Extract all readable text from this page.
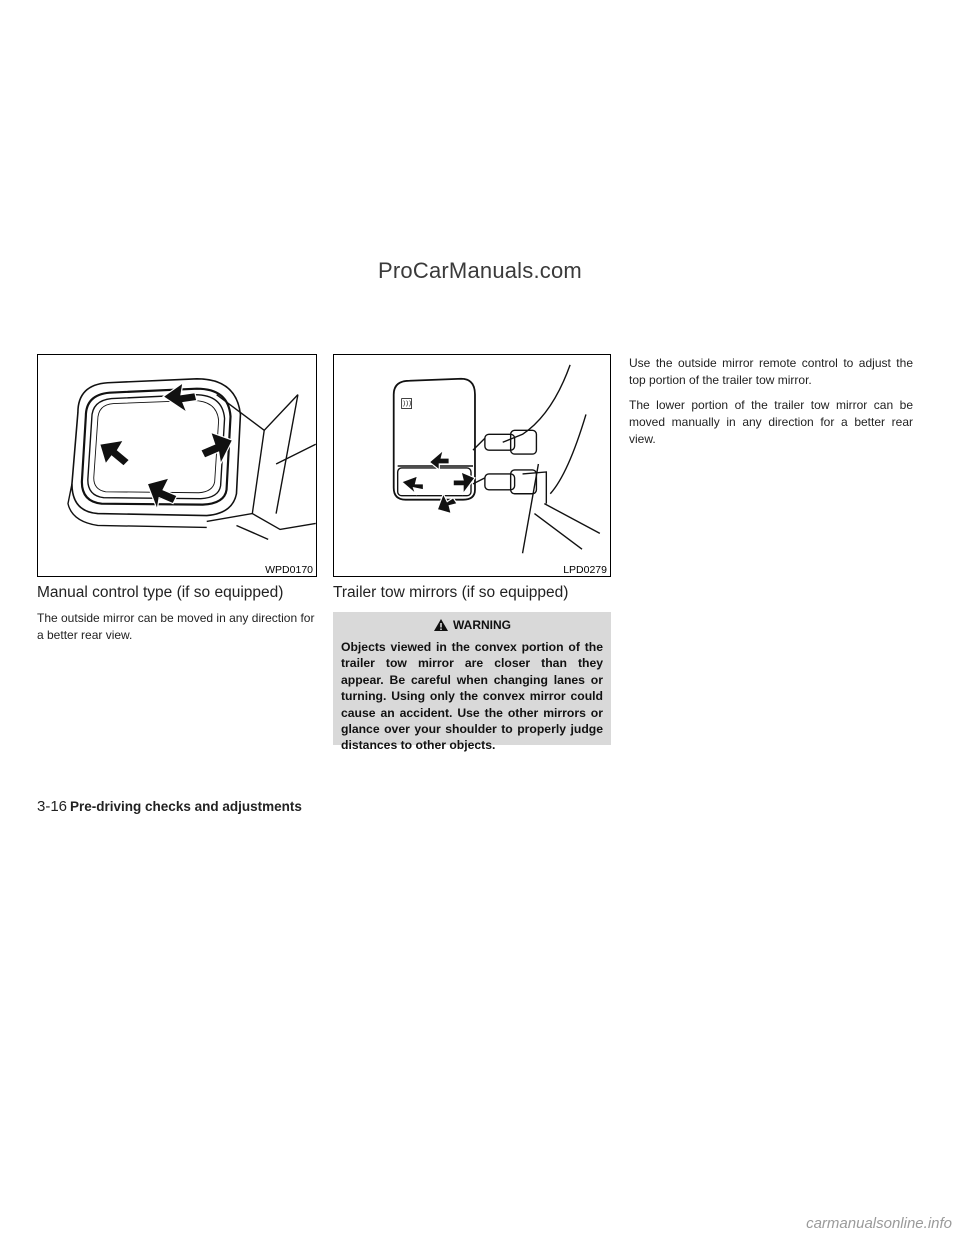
ProCarManuals.com
WPD0170	LPD0279
Manual control type (if so equipped)

The outside mirror can be moved in any direction for a better rear view.

Trailer tow mirrors (if so equipped)
WARNING

Objects viewed in the convex portion of the trailer tow mirror are closer than they appear. Be careful when changing lanes or turning. Using only the convex mirror could cause an accident. Use the other mirrors or glance over your shoulder to properly judge distances to other objects.

Use the outside mirror remote control to adjust the top portion of the trailer tow mirror.

The lower portion of the trailer tow mirror can be moved manually in any direction for a better rear view.

3-16 Pre-driving checks and adjustments
carmanualsonline.info
